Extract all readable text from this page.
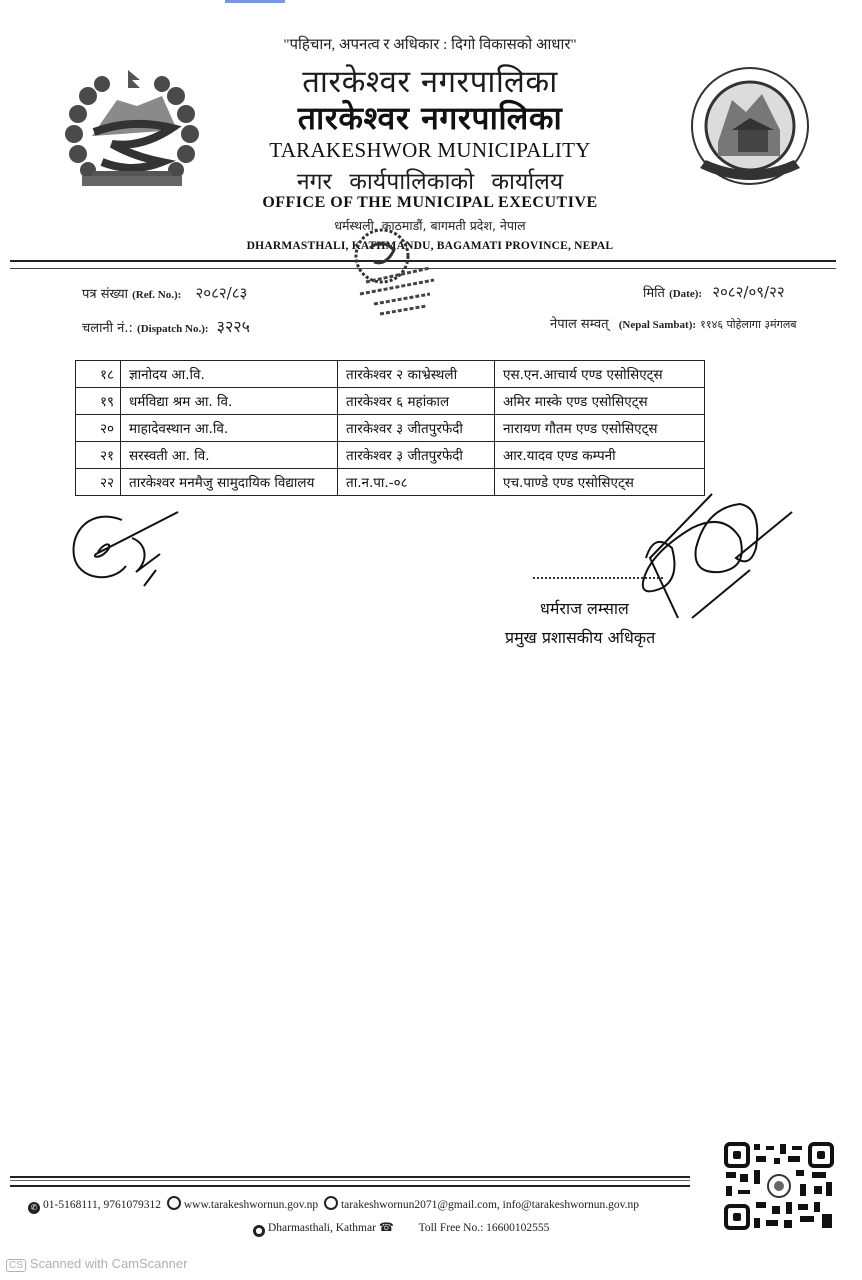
"पहिचान, अपनत्व र अधिकार : दिगो विकासको आधार"
तारकेश्वर नगरपालिका
तारकेश्वर नगरपालिका
TARAKESHWOR MUNICIPALITY
नगर कार्यपालिकाको कार्यालय
OFFICE OF THE MUNICIPAL EXECUTIVE
धर्मस्थली, काठमाडौं, बागमती प्रदेश, नेपाल
DHARMASTHALI, KATHMANDU, BAGAMATI PROVINCE, NEPAL
पत्र संख्या (Ref. No.): २०८२/८३
चलानी नं.: (Dispatch No.): ३२२५
मिति (Date): २०८२/०९/२२
नेपाल सम्वत् (Nepal Sambat): ११४६ पोहेलागा ३मंगलब
१८	ज्ञानोदय आ.वि.	तारकेश्वर २ काभ्रेस्थली	एस.एन.आचार्य एण्ड एसोसिएट्स
१९	धर्मविद्या श्रम आ. वि.	तारकेश्वर ६ महांकाल	अमिर मास्के एण्ड एसोसिएट्स
२०	माहादेवस्थान आ.वि.	तारकेश्वर ३ जीतपुरफेदी	नारायण गौतम एण्ड एसोसिएट्स
२१	सरस्वती आ. वि.	तारकेश्वर ३ जीतपुरफेदी	आर.यादव एण्ड कम्पनी
२२	तारकेश्वर मनमैजु सामुदायिक विद्यालय	ता.न.पा.-०८	एच.पाण्डे एण्ड एसोसिएट्स
धर्मराज लम्साल
प्रमुख प्रशासकीय अधिकृत
✆ 01-5168111, 9761079312 www.tarakeshwornun.gov.np tarakeshwornun2071@gmail.com, info@tarakeshwornun.gov.np
● Dharmasthali, Kathmar ☎ Toll Free No.: 16600102555
CS Scanned with CamScanner
